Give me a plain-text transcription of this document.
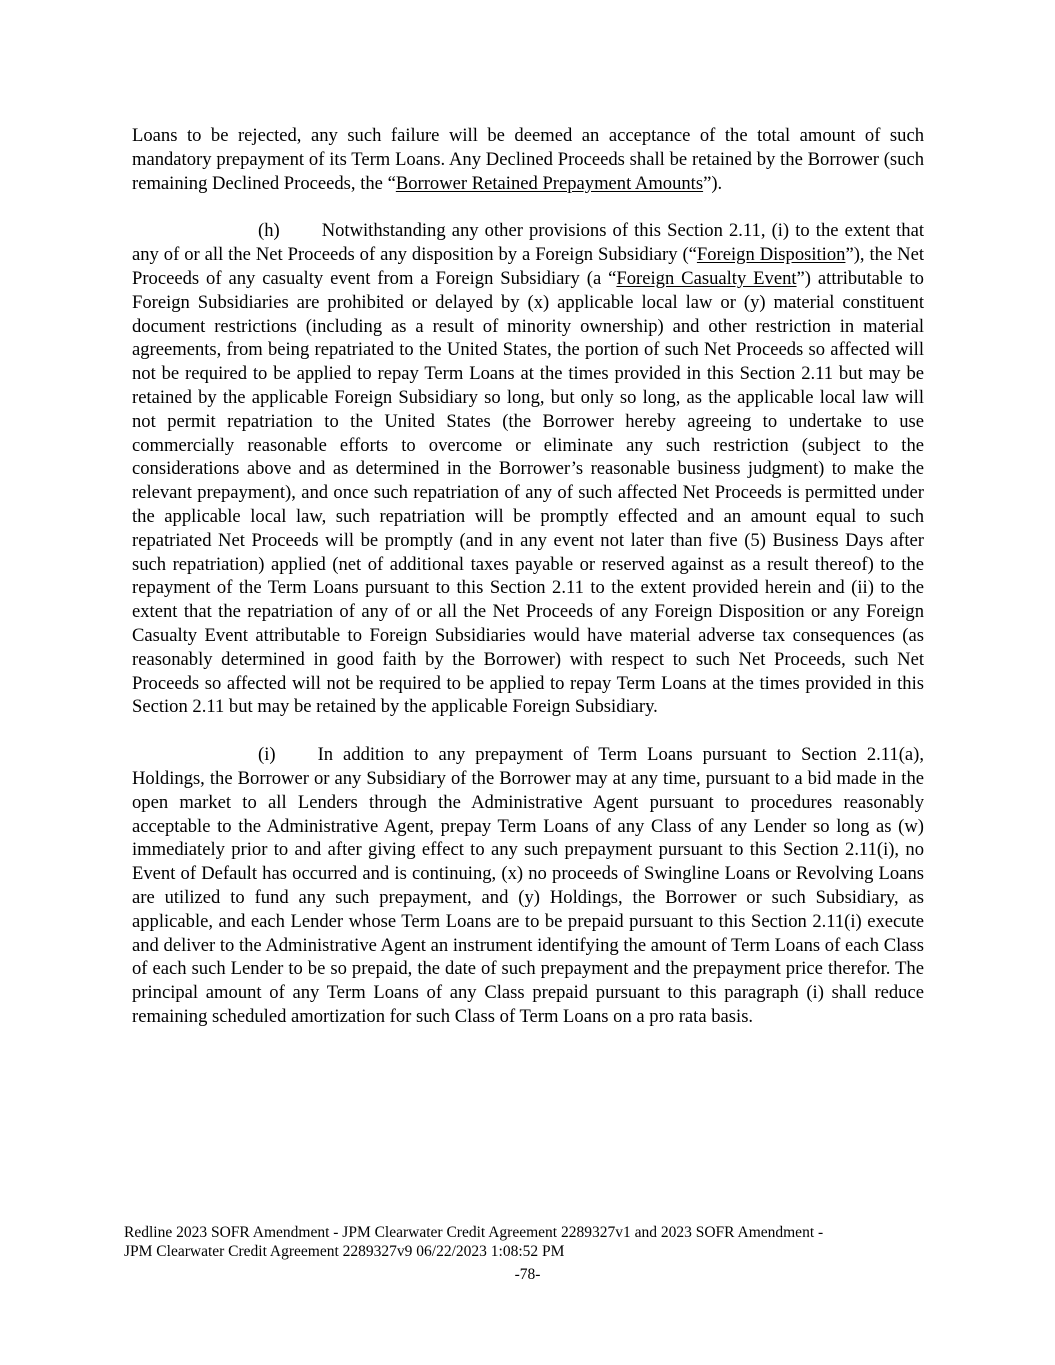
Loans to be rejected, any such failure will be deemed an acceptance of the total amount of such mandatory prepayment of its Term Loans. Any Declined Proceeds shall be retained by the Borrower (such remaining Declined Proceeds, the “Borrower Retained Prepayment Amounts”).

(h) Notwithstanding any other provisions of this Section 2.11, (i) to the extent that any of or all the Net Proceeds of any disposition by a Foreign Subsidiary (“Foreign Disposition”), the Net Proceeds of any casualty event from a Foreign Subsidiary (a “Foreign Casualty Event”) attributable to Foreign Subsidiaries are prohibited or delayed by (x) applicable local law or (y) material constituent document restrictions (including as a result of minority ownership) and other restriction in material agreements, from being repatriated to the United States, the portion of such Net Proceeds so affected will not be required to be applied to repay Term Loans at the times provided in this Section 2.11 but may be retained by the applicable Foreign Subsidiary so long, but only so long, as the applicable local law will not permit repatriation to the United States (the Borrower hereby agreeing to undertake to use commercially reasonable efforts to overcome or eliminate any such restriction (subject to the considerations above and as determined in the Borrower’s reasonable business judgment) to make the relevant prepayment), and once such repatriation of any of such affected Net Proceeds is permitted under the applicable local law, such repatriation will be promptly effected and an amount equal to such repatriated Net Proceeds will be promptly (and in any event not later than five (5) Business Days after such repatriation) applied (net of additional taxes payable or reserved against as a result thereof) to the repayment of the Term Loans pursuant to this Section 2.11 to the extent provided herein and (ii) to the extent that the repatriation of any of or all the Net Proceeds of any Foreign Disposition or any Foreign Casualty Event attributable to Foreign Subsidiaries would have material adverse tax consequences (as reasonably determined in good faith by the Borrower) with respect to such Net Proceeds, such Net Proceeds so affected will not be required to be applied to repay Term Loans at the times provided in this Section 2.11 but may be retained by the applicable Foreign Subsidiary.

(i) In addition to any prepayment of Term Loans pursuant to Section 2.11(a), Holdings, the Borrower or any Subsidiary of the Borrower may at any time, pursuant to a bid made in the open market to all Lenders through the Administrative Agent pursuant to procedures reasonably acceptable to the Administrative Agent, prepay Term Loans of any Class of any Lender so long as (w) immediately prior to and after giving effect to any such prepayment pursuant to this Section 2.11(i), no Event of Default has occurred and is continuing, (x) no proceeds of Swingline Loans or Revolving Loans are utilized to fund any such prepayment, and (y) Holdings, the Borrower or such Subsidiary, as applicable, and each Lender whose Term Loans are to be prepaid pursuant to this Section 2.11(i) execute and deliver to the Administrative Agent an instrument identifying the amount of Term Loans of each Class of each such Lender to be so prepaid, the date of such prepayment and the prepayment price therefor. The principal amount of any Term Loans of any Class prepaid pursuant to this paragraph (i) shall reduce remaining scheduled amortization for such Class of Term Loans on a pro rata basis.

Redline 2023 SOFR Amendment - JPM Clearwater Credit Agreement 2289327v1 and 2023 SOFR Amendment -
JPM Clearwater Credit Agreement 2289327v9 06/22/2023 1:08:52 PM
-78-
